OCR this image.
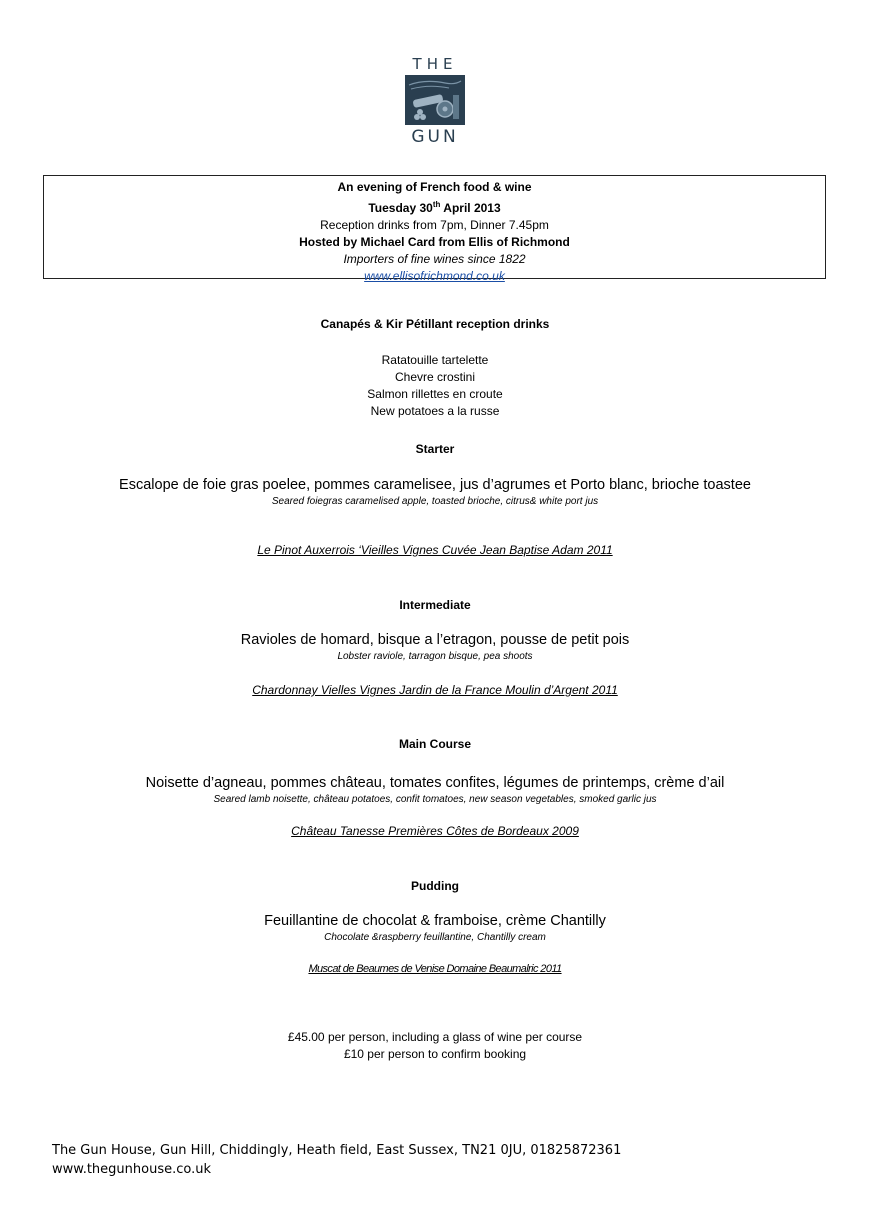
THE
GUN
An evening of French food & wine
Tuesday 30th April 2013
Reception drinks from 7pm, Dinner 7.45pm
Hosted by Michael Card from Ellis of Richmond
Importers of fine wines since 1822
www.ellisofrichmond.co.uk
Canapés & Kir Pétillant reception drinks
Ratatouille tartelette
Chevre crostini
Salmon rillettes en croute
New potatoes a la russe
Starter
Escalope de foie gras poelee, pommes caramelisee, jus d’agrumes et Porto blanc, brioche toastee
Seared foiegras caramelised apple, toasted brioche, citrus& white port jus
Le Pinot Auxerrois ‘Vieilles Vignes Cuvée Jean Baptise Adam 2011
Intermediate
Ravioles de homard, bisque a l’etragon, pousse de petit pois
Lobster raviole, tarragon bisque, pea shoots
Chardonnay Vielles Vignes Jardin de la France Moulin d’Argent 2011
Main Course
Noisette d’agneau, pommes château, tomates confites, légumes de printemps, crème d’ail
Seared lamb noisette, château potatoes, confit tomatoes, new season vegetables, smoked garlic jus
Château Tanesse Premières Côtes de Bordeaux 2009
Pudding
Feuillantine de chocolat & framboise, crème Chantilly
Chocolate &raspberry feuillantine, Chantilly cream
Muscat de Beaumes de Venise Domaine Beaumalric 2011
£45.00 per person, including a glass of wine per course
£10 per person to confirm booking
The Gun House, Gun Hill, Chiddingly, Heath field, East Sussex, TN21 0JU, 01825872361
www.thegunhouse.co.uk
